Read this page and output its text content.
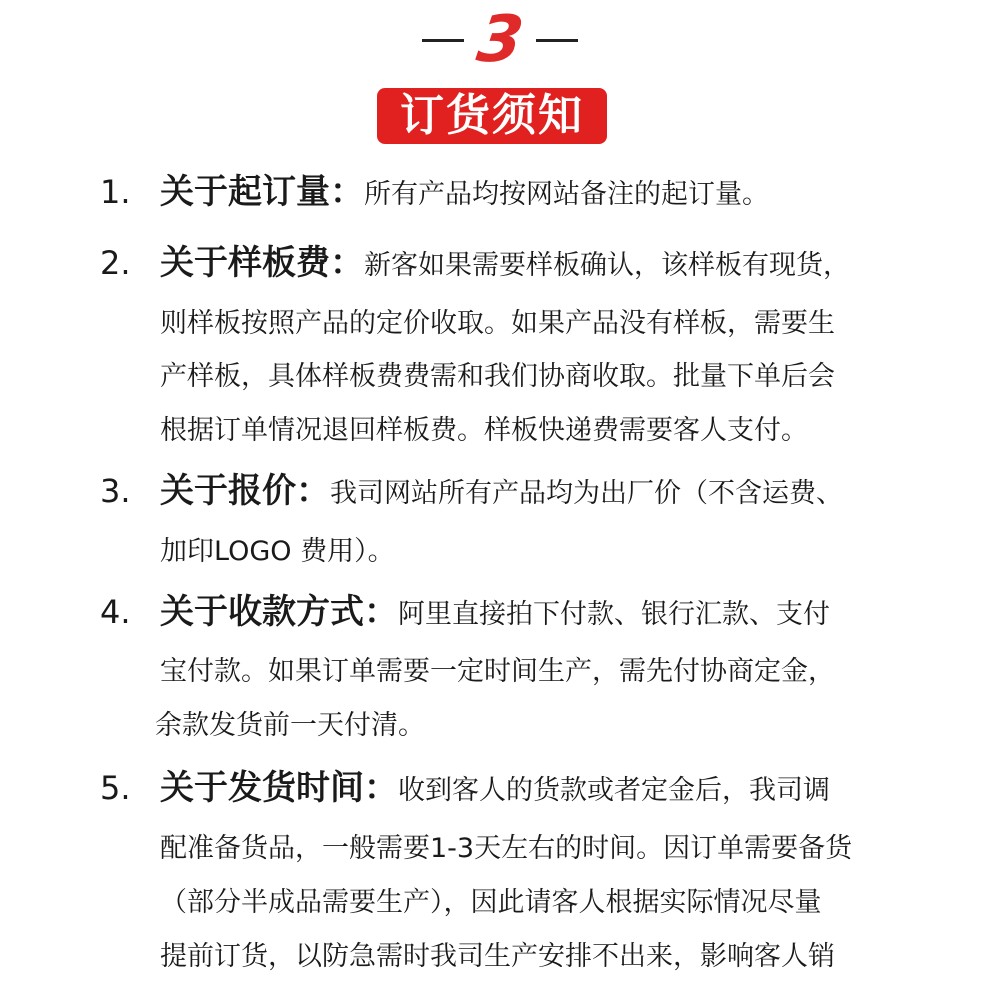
3
订货须知
1. 关于起订量：所有产品均按网站备注的起订量。
2. 关于样板费：新客如果需要样板确认，该样板有现货，
则样板按照产品的定价收取。如果产品没有样板，需要生
产样板，具体样板费费需和我们协商收取。批量下单后会
根据订单情况退回样板费。样板快递费需要客人支付。
3. 关于报价：我司网站所有产品均为出厂价（不含运费、
加印LOGO 费用）。
4. 关于收款方式：阿里直接拍下付款、银行汇款、支付
宝付款。如果订单需要一定时间生产，需先付协商定金，
余款发货前一天付清。
5. 关于发货时间：收到客人的货款或者定金后，我司调
配准备货品，一般需要1-3天左右的时间。因订单需要备货
（部分半成品需要生产），因此请客人根据实际情况尽量
提前订货，以防急需时我司生产安排不出来，影响客人销
